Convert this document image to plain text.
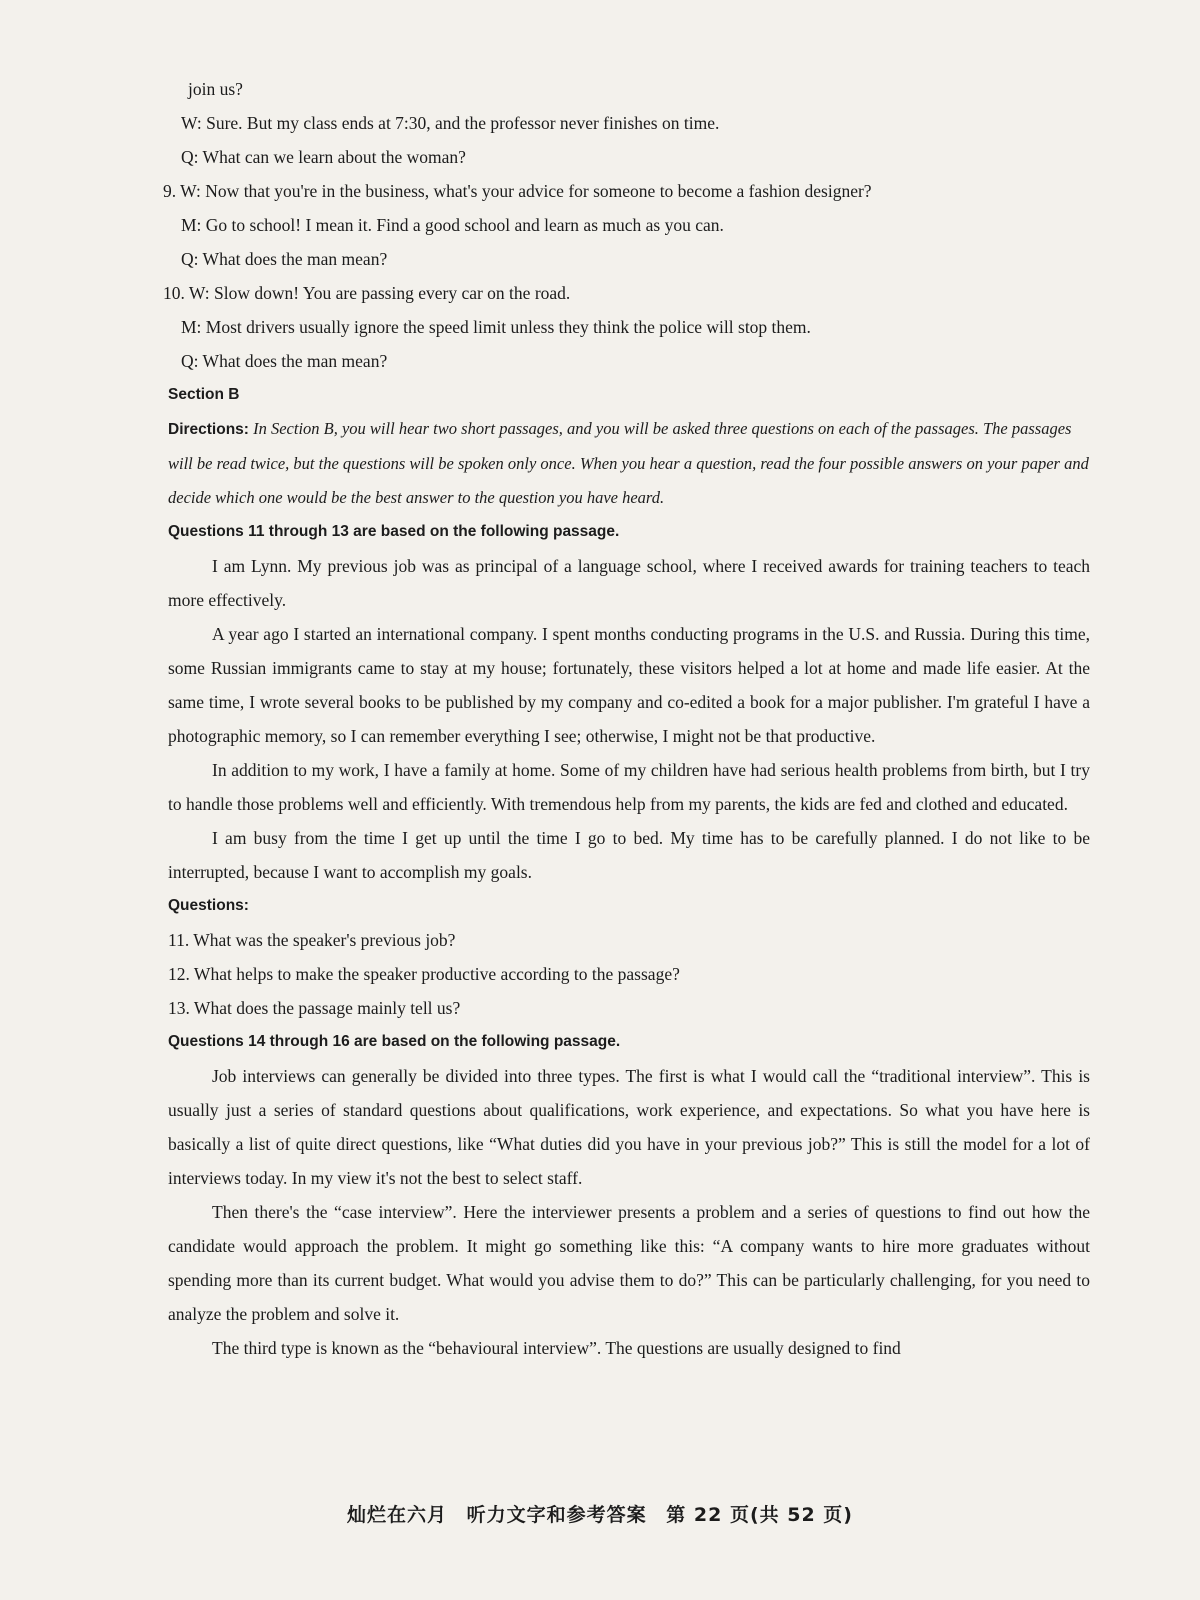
join us?
W: Sure. But my class ends at 7:30, and the professor never finishes on time.
Q: What can we learn about the woman?
9. W: Now that you're in the business, what's your advice for someone to become a fashion designer?
M: Go to school! I mean it. Find a good school and learn as much as you can.
Q: What does the man mean?
10. W: Slow down! You are passing every car on the road.
M: Most drivers usually ignore the speed limit unless they think the police will stop them.
Q: What does the man mean?
Section B
Directions: In Section B, you will hear two short passages, and you will be asked three questions on each of the passages. The passages will be read twice, but the questions will be spoken only once. When you hear a question, read the four possible answers on your paper and decide which one would be the best answer to the question you have heard.
Questions 11 through 13 are based on the following passage.
I am Lynn. My previous job was as principal of a language school, where I received awards for training teachers to teach more effectively.
A year ago I started an international company. I spent months conducting programs in the U.S. and Russia. During this time, some Russian immigrants came to stay at my house; fortunately, these visitors helped a lot at home and made life easier. At the same time, I wrote several books to be published by my company and co-edited a book for a major publisher. I'm grateful I have a photographic memory, so I can remember everything I see; otherwise, I might not be that productive.
In addition to my work, I have a family at home. Some of my children have had serious health problems from birth, but I try to handle those problems well and efficiently. With tremendous help from my parents, the kids are fed and clothed and educated.
I am busy from the time I get up until the time I go to bed. My time has to be carefully planned. I do not like to be interrupted, because I want to accomplish my goals.
Questions:
11. What was the speaker's previous job?
12. What helps to make the speaker productive according to the passage?
13. What does the passage mainly tell us?
Questions 14 through 16 are based on the following passage.
Job interviews can generally be divided into three types. The first is what I would call the “traditional interview”. This is usually just a series of standard questions about qualifications, work experience, and expectations. So what you have here is basically a list of quite direct questions, like “What duties did you have in your previous job?” This is still the model for a lot of interviews today. In my view it's not the best to select staff.
Then there's the “case interview”. Here the interviewer presents a problem and a series of questions to find out how the candidate would approach the problem. It might go something like this: “A company wants to hire more graduates without spending more than its current budget. What would you advise them to do?” This can be particularly challenging, for you need to analyze the problem and solve it.
The third type is known as the “behavioural interview”. The questions are usually designed to find
灿烂在六月 听力文字和参考答案 第 22 页(共 52 页)
